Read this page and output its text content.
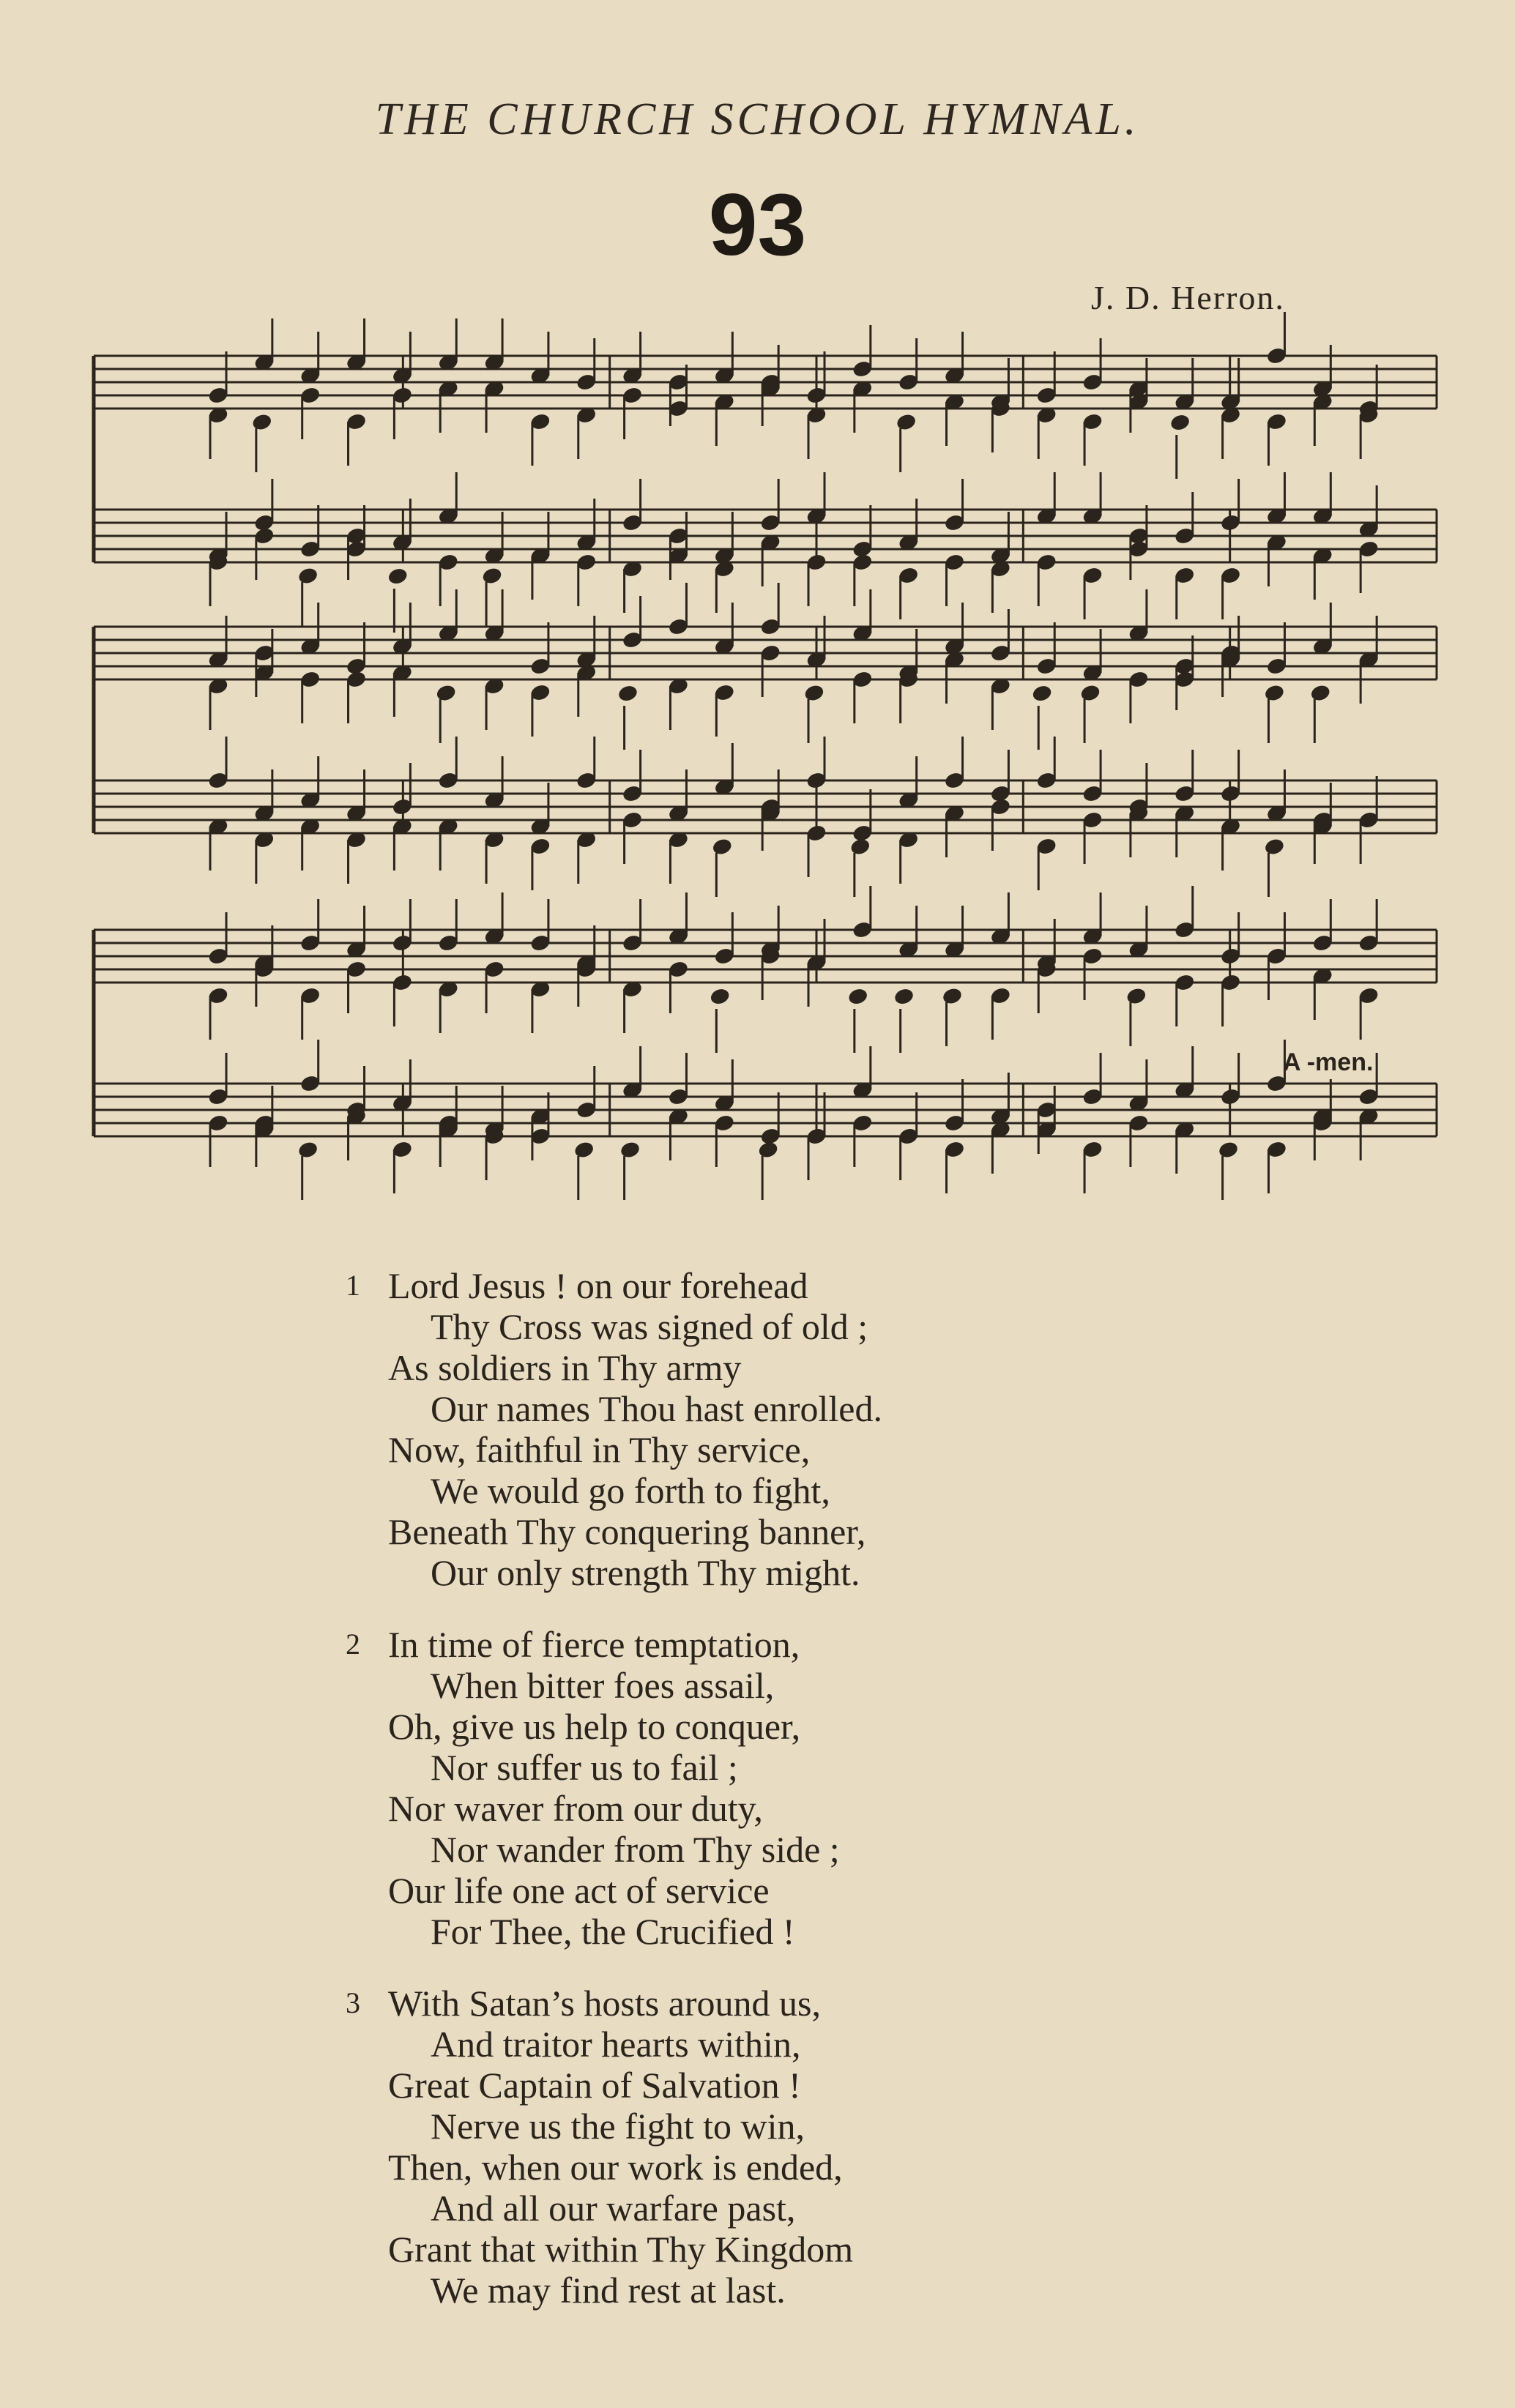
THE CHURCH SCHOOL HYMNAL.
93
J. D. Herron.
A -men.
1 Lord Jesus ! on our forehead
Thy Cross was signed of old ;
As soldiers in Thy army
Our names Thou hast enrolled.
Now, faithful in Thy service,
We would go forth to fight,
Beneath Thy conquering banner,
Our only strength Thy might.
2 In time of fierce temptation,
When bitter foes assail,
Oh, give us help to conquer,
Nor suffer us to fail ;
Nor waver from our duty,
Nor wander from Thy side ;
Our life one act of service
For Thee, the Crucified !
3 With Satan’s hosts around us,
And traitor hearts within,
Great Captain of Salvation !
Nerve us the fight to win,
Then, when our work is ended,
And all our warfare past,
Grant that within Thy Kingdom
We may find rest at last.
